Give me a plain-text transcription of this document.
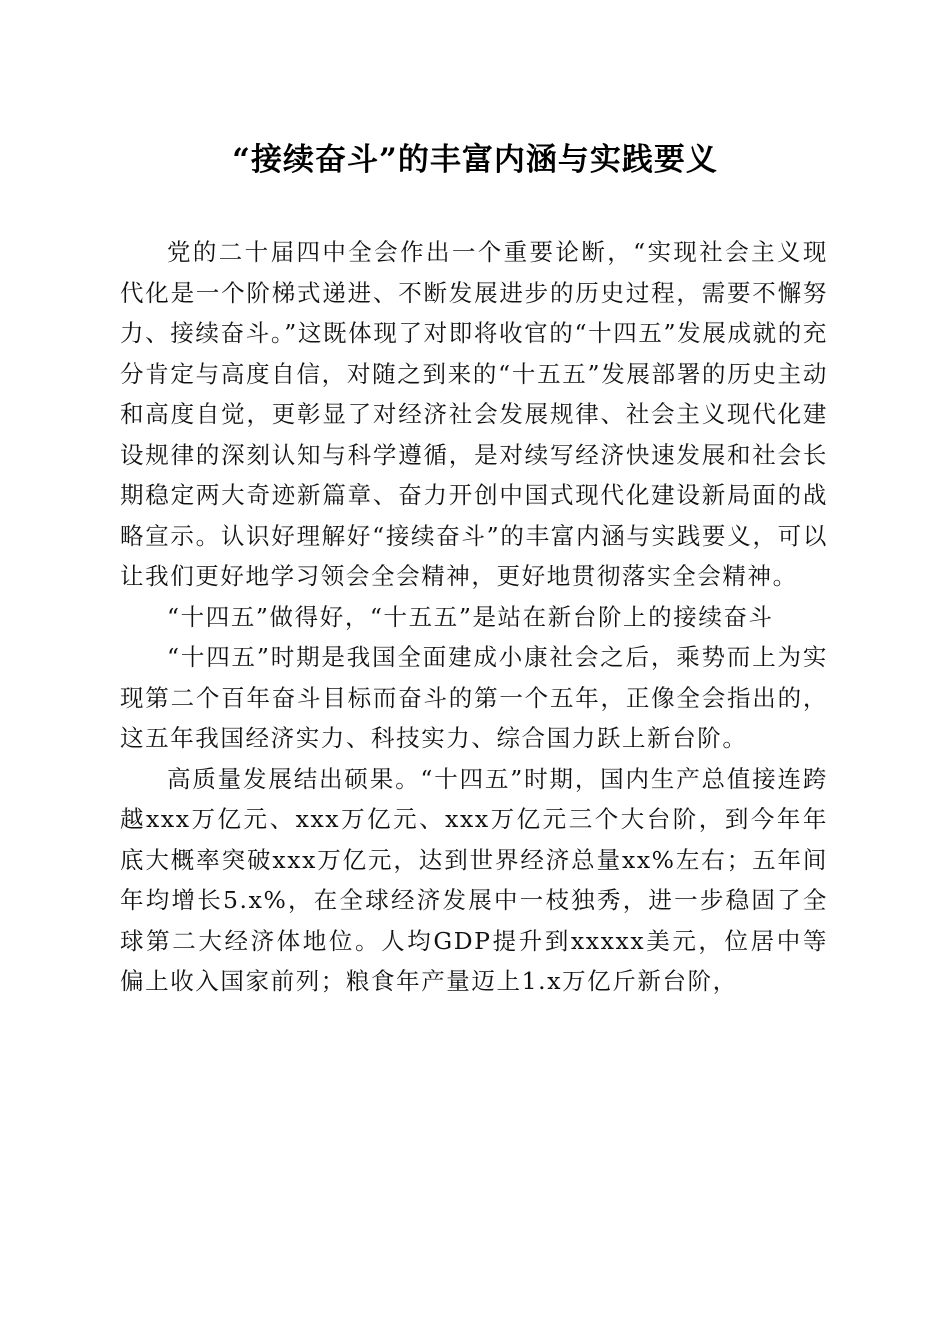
“接续奋斗”的丰富内涵与实践要义

党的二十届四中全会作出一个重要论断，“实现社会主义现代化是一个阶梯式递进、不断发展进步的历史过程，需要不懈努力、接续奋斗。”这既体现了对即将收官的“十四五”发展成就的充分肯定与高度自信，对随之到来的“十五五”发展部署的历史主动和高度自觉，更彰显了对经济社会发展规律、社会主义现代化建设规律的深刻认知与科学遵循，是对续写经济快速发展和社会长期稳定两大奇迹新篇章、奋力开创中国式现代化建设新局面的战略宣示。认识好理解好“接续奋斗”的丰富内涵与实践要义，可以让我们更好地学习领会全会精神，更好地贯彻落实全会精神。

“十四五”做得好，“十五五”是站在新台阶上的接续奋斗

“十四五”时期是我国全面建成小康社会之后，乘势而上为实现第二个百年奋斗目标而奋斗的第一个五年，正像全会指出的，这五年我国经济实力、科技实力、综合国力跃上新台阶。

高质量发展结出硕果。“十四五”时期，国内生产总值接连跨越xxx万亿元、xxx万亿元、xxx万亿元三个大台阶，到今年年底大概率突破xxx万亿元，达到世界经济总量xx%左右；五年间年均增长5.x%，在全球经济发展中一枝独秀，进一步稳固了全球第二大经济体地位。人均GDP提升到xxxxx美元，位居中等偏上收入国家前列；粮食年产量迈上1.x万亿斤新台阶，
